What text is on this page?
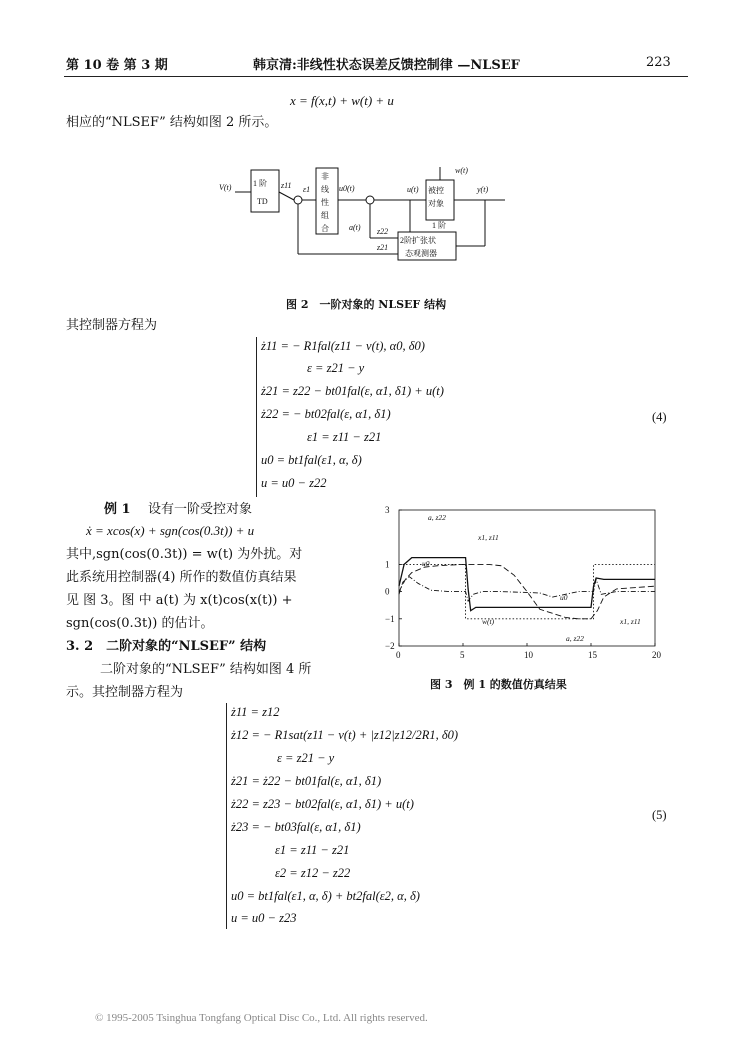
第 10 卷 第 3 期	韩京清:非线性状态误差反馈控制律 —NLSEF	223
x = f(x,t) + w(t) + u
相应的“NLSEF” 结构如图 2 所示。
1 阶
TD
非
线
性
组
合
被控
对象
1 阶
2阶扩张状
态观测器
V(t)	z11 ε1	u0(t)	u(t)	y(t)
w(t)
a(t) z22
z21
图 2　一阶对象的 NLSEF 结构
其控制器方程为
ż11 = − R1fal(z11 − v(t), α0, δ0)
ε = z21 − y
ż21 = z22 − bt01fal(ε, α1, δ1) + u(t)
ż22 = − bt02fal(ε, α1, δ1)
ε1 = z11 − z21
u0 = bt1fal(ε1, α, δ)
u = u0 − z22
(4)
例 1 设有一阶受控对象
ẋ = xcos(x) + sgn(cos(0.3t)) + u
其中,sgn(cos(0.3t)) = w(t) 为外扰。对
此系统用控制器(4) 所作的数值仿真结果
见 图 3。图 中 a(t) 为 x(t)cos(x(t)) +
sgn(cos(0.3t)) 的估计。
3. 2　二阶对象的“NLSEF” 结构
二阶对象的“NLSEF” 结构如图 4 所
示。其控制器方程为
0	5	10	15	20
3
1
0
−1
−2
a, z22
x1, z11
u0
u0
w(t)	x1, z11
a, z22
图 3　例 1 的数值仿真结果
ż11 = z12
ż12 = − R1sat(z11 − v(t) + |z12|z12/2R1, δ0)
ε = z21 − y
ż21 = ż22 − bt01fal(ε, α1, δ1)
ż22 = z23 − bt02fal(ε, α1, δ1) + u(t)
ż23 = − bt03fal(ε, α1, δ1)
ε1 = z11 − z21
ε2 = z12 − z22
u0 = bt1fal(ε1, α, δ) + bt2fal(ε2, α, δ)
u = u0 − z23
(5)
© 1995-2005 Tsinghua Tongfang Optical Disc Co., Ltd. All rights reserved.
